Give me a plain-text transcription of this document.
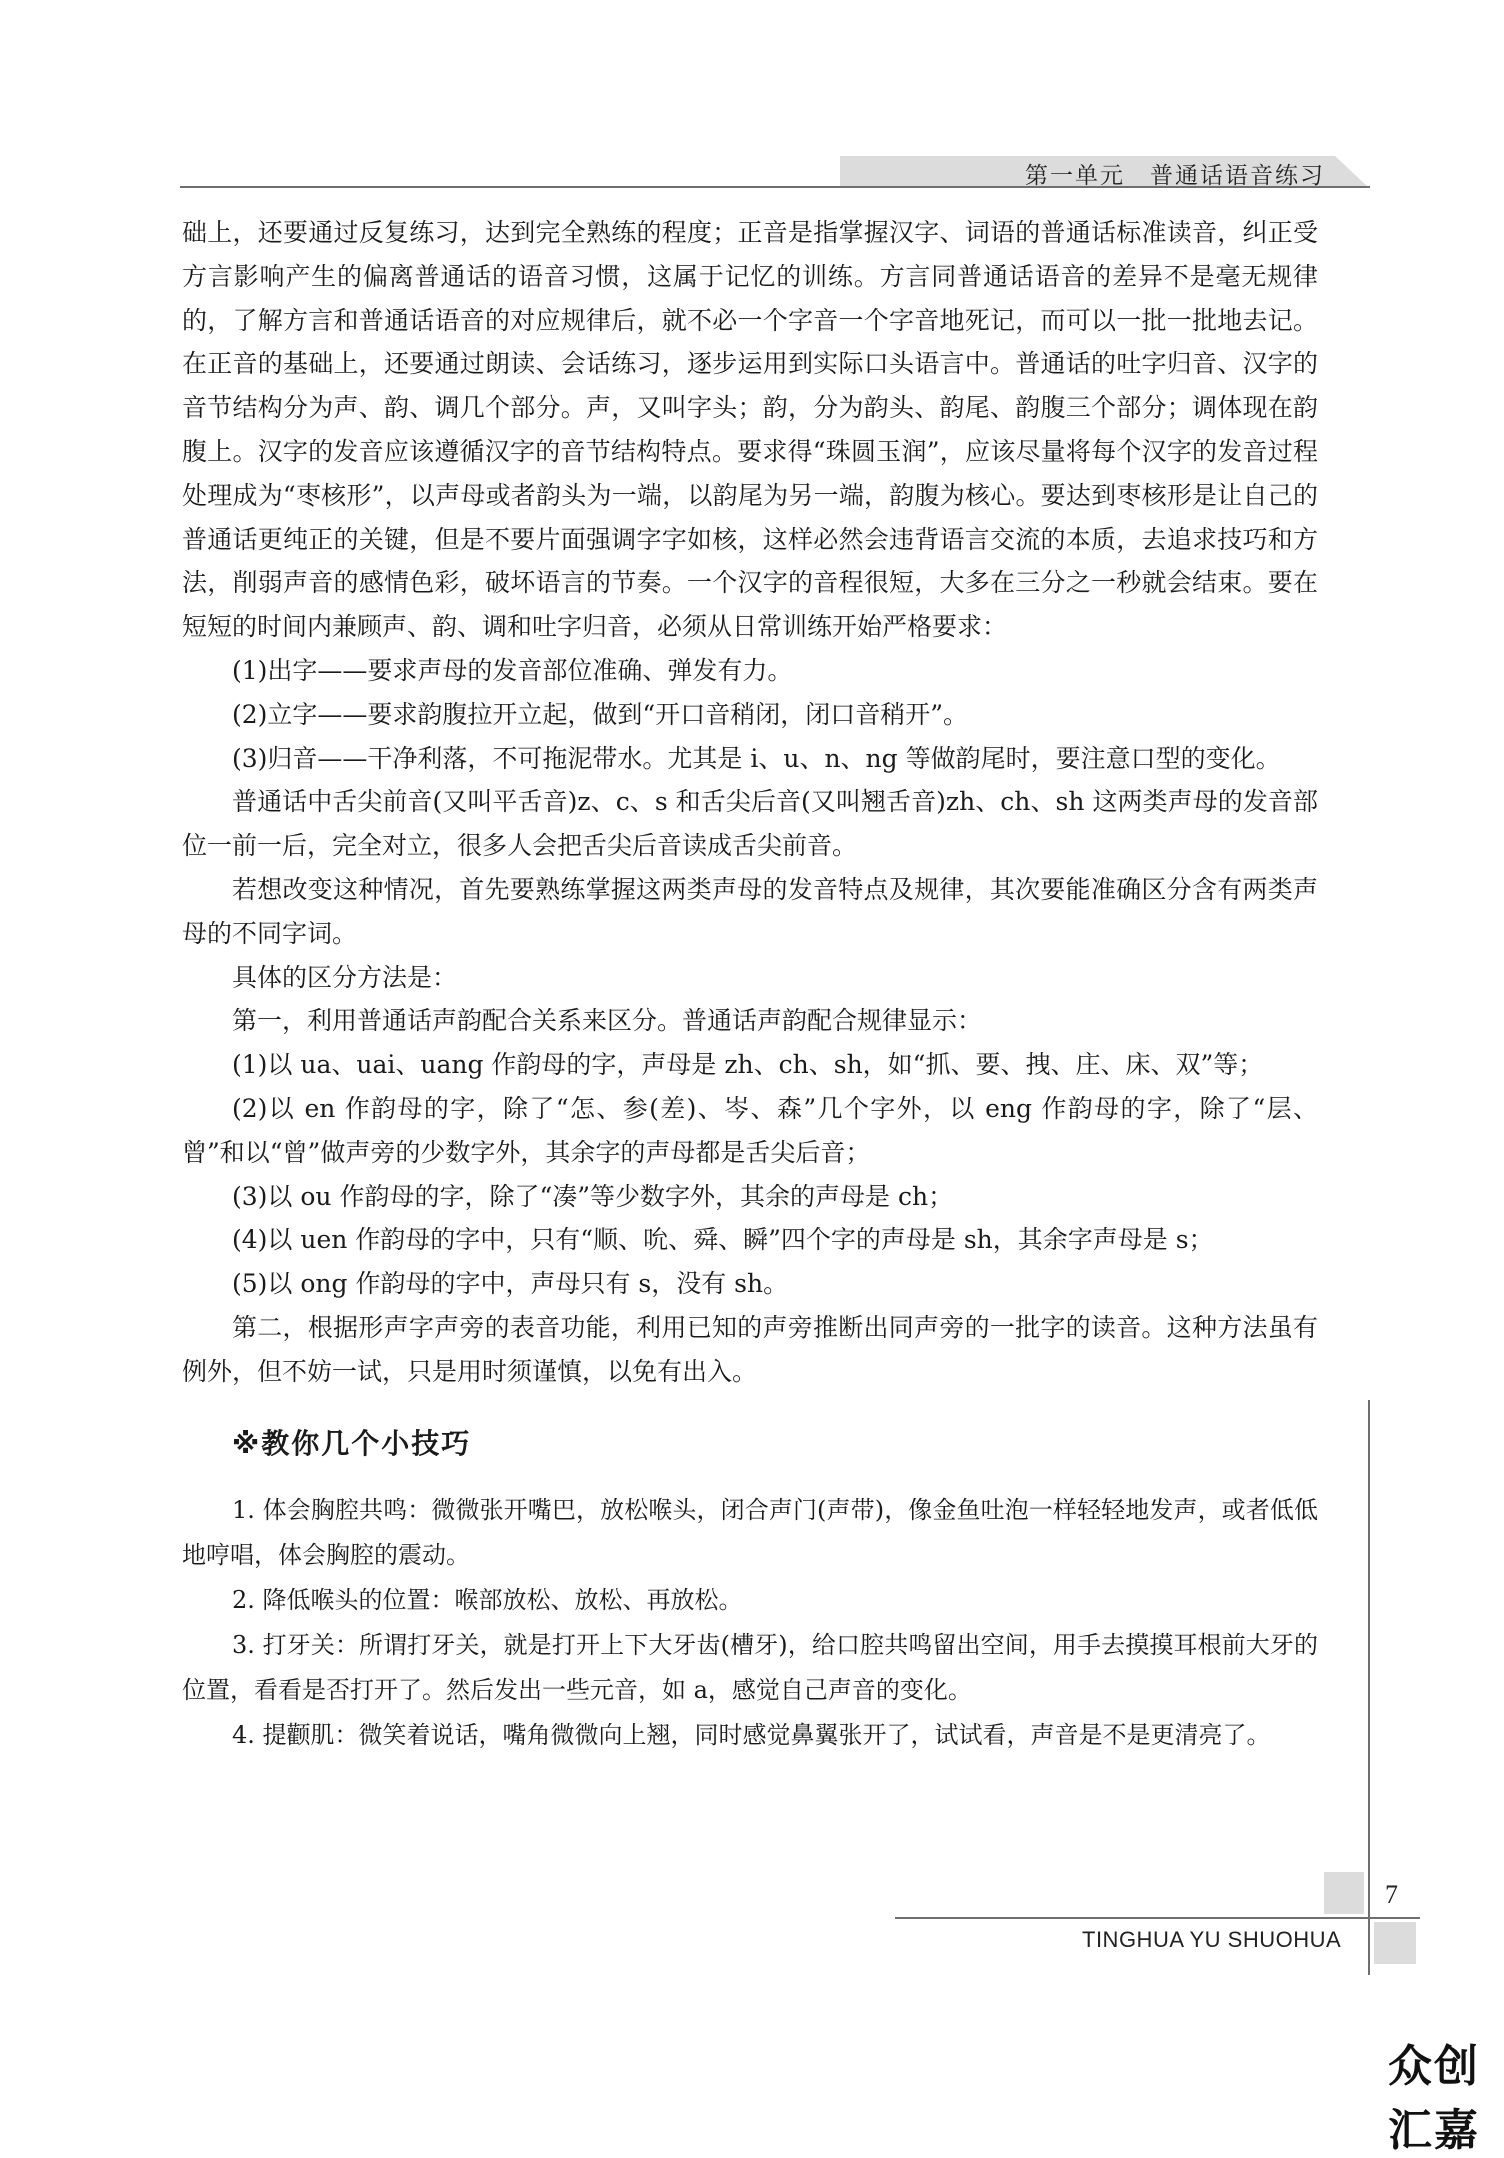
第一单元　普通话语音练习

础上，还要通过反复练习，达到完全熟练的程度；正音是指掌握汉字、词语的普通话标准读音，纠正受方言影响产生的偏离普通话的语音习惯，这属于记忆的训练。方言同普通话语音的差异不是毫无规律的，了解方言和普通话语音的对应规律后，就不必一个字音一个字音地死记，而可以一批一批地去记。在正音的基础上，还要通过朗读、会话练习，逐步运用到实际口头语言中。普通话的吐字归音、汉字的音节结构分为声、韵、调几个部分。声，又叫字头；韵，分为韵头、韵尾、韵腹三个部分；调体现在韵腹上。汉字的发音应该遵循汉字的音节结构特点。要求得“珠圆玉润”，应该尽量将每个汉字的发音过程处理成为“枣核形”，以声母或者韵头为一端，以韵尾为另一端，韵腹为核心。要达到枣核形是让自己的普通话更纯正的关键，但是不要片面强调字字如核，这样必然会违背语言交流的本质，去追求技巧和方法，削弱声音的感情色彩，破坏语言的节奏。一个汉字的音程很短，大多在三分之一秒就会结束。要在短短的时间内兼顾声、韵、调和吐字归音，必须从日常训练开始严格要求：

(1)出字——要求声母的发音部位准确、弹发有力。

(2)立字——要求韵腹拉开立起，做到“开口音稍闭，闭口音稍开”。

(3)归音——干净利落，不可拖泥带水。尤其是 i、u、n、ng 等做韵尾时，要注意口型的变化。

普通话中舌尖前音(又叫平舌音)z、c、s 和舌尖后音(又叫翘舌音)zh、ch、sh 这两类声母的发音部位一前一后，完全对立，很多人会把舌尖后音读成舌尖前音。

若想改变这种情况，首先要熟练掌握这两类声母的发音特点及规律，其次要能准确区分含有两类声母的不同字词。

具体的区分方法是：

第一，利用普通话声韵配合关系来区分。普通话声韵配合规律显示：

(1)以 ua、uai、uang 作韵母的字，声母是 zh、ch、sh，如“抓、要、拽、庄、床、双”等；

(2)以 en 作韵母的字，除了“怎、参(差)、岑、森”几个字外，以 eng 作韵母的字，除了“层、曾”和以“曾”做声旁的少数字外，其余字的声母都是舌尖后音；

(3)以 ou 作韵母的字，除了“凑”等少数字外，其余的声母是 ch；

(4)以 uen 作韵母的字中，只有“顺、吮、舜、瞬”四个字的声母是 sh，其余字声母是 s；

(5)以 ong 作韵母的字中，声母只有 s，没有 sh。

第二，根据形声字声旁的表音功能，利用已知的声旁推断出同声旁的一批字的读音。这种方法虽有例外，但不妨一试，只是用时须谨慎，以免有出入。

※教你几个小技巧

1. 体会胸腔共鸣：微微张开嘴巴，放松喉头，闭合声门(声带)，像金鱼吐泡一样轻轻地发声，或者低低地哼唱，体会胸腔的震动。

2. 降低喉头的位置：喉部放松、放松、再放松。

3. 打牙关：所谓打牙关，就是打开上下大牙齿(槽牙)，给口腔共鸣留出空间，用手去摸摸耳根前大牙的位置，看看是否打开了。然后发出一些元音，如 a，感觉自己声音的变化。

4. 提颧肌：微笑着说话，嘴角微微向上翘，同时感觉鼻翼张开了，试试看，声音是不是更清亮了。

7
TINGHUA YU SHUOHUA
众创汇嘉
